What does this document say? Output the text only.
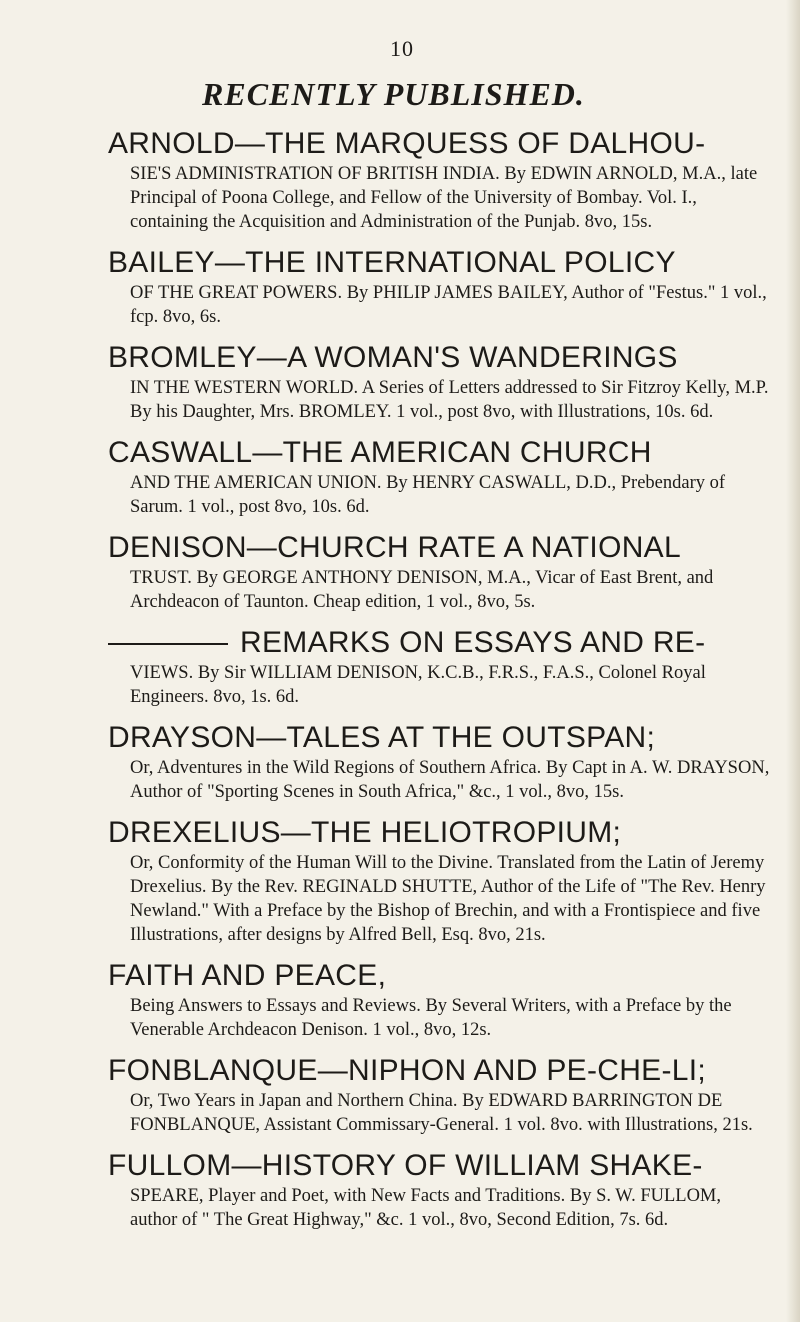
10
RECENTLY PUBLISHED.
ARNOLD—THE MARQUESS OF DALHOU-
SIE'S ADMINISTRATION OF BRITISH INDIA. By EDWIN ARNOLD, M.A., late Principal of Poona College, and Fellow of the University of Bombay. Vol. I., containing the Acquisition and Administration of the Punjab. 8vo, 15s.
BAILEY—THE INTERNATIONAL POLICY
OF THE GREAT POWERS. By PHILIP JAMES BAILEY, Author of "Festus." 1 vol., fcp. 8vo, 6s.
BROMLEY—A WOMAN'S WANDERINGS
IN THE WESTERN WORLD. A Series of Letters addressed to Sir Fitzroy Kelly, M.P. By his Daughter, Mrs. BROMLEY. 1 vol., post 8vo, with Illustrations, 10s. 6d.
CASWALL—THE AMERICAN CHURCH
AND THE AMERICAN UNION. By HENRY CASWALL, D.D., Prebendary of Sarum. 1 vol., post 8vo, 10s. 6d.
DENISON—CHURCH RATE A NATIONAL
TRUST. By GEORGE ANTHONY DENISON, M.A., Vicar of East Brent, and Archdeacon of Taunton. Cheap edition, 1 vol., 8vo, 5s.
REMARKS ON ESSAYS AND RE-
VIEWS. By Sir WILLIAM DENISON, K.C.B., F.R.S., F.A.S., Colonel Royal Engineers. 8vo, 1s. 6d.
DRAYSON—TALES AT THE OUTSPAN;
Or, Adventures in the Wild Regions of Southern Africa. By Capt in A. W. DRAYSON, Author of "Sporting Scenes in South Africa," &c., 1 vol., 8vo, 15s.
DREXELIUS—THE HELIOTROPIUM;
Or, Conformity of the Human Will to the Divine. Translated from the Latin of Jeremy Drexelius. By the Rev. REGINALD SHUTTE, Author of the Life of "The Rev. Henry Newland." With a Preface by the Bishop of Brechin, and with a Frontispiece and five Illustrations, after designs by Alfred Bell, Esq. 8vo, 21s.
FAITH AND PEACE,
Being Answers to Essays and Reviews. By Several Writers, with a Preface by the Venerable Archdeacon Denison. 1 vol., 8vo, 12s.
FONBLANQUE—NIPHON AND PE-CHE-LI;
Or, Two Years in Japan and Northern China. By EDWARD BARRINGTON DE FONBLANQUE, Assistant Commissary-General. 1 vol. 8vo. with Illustrations, 21s.
FULLOM—HISTORY OF WILLIAM SHAKE-
SPEARE, Player and Poet, with New Facts and Traditions. By S. W. FULLOM, author of " The Great Highway," &c. 1 vol., 8vo, Second Edition, 7s. 6d.
